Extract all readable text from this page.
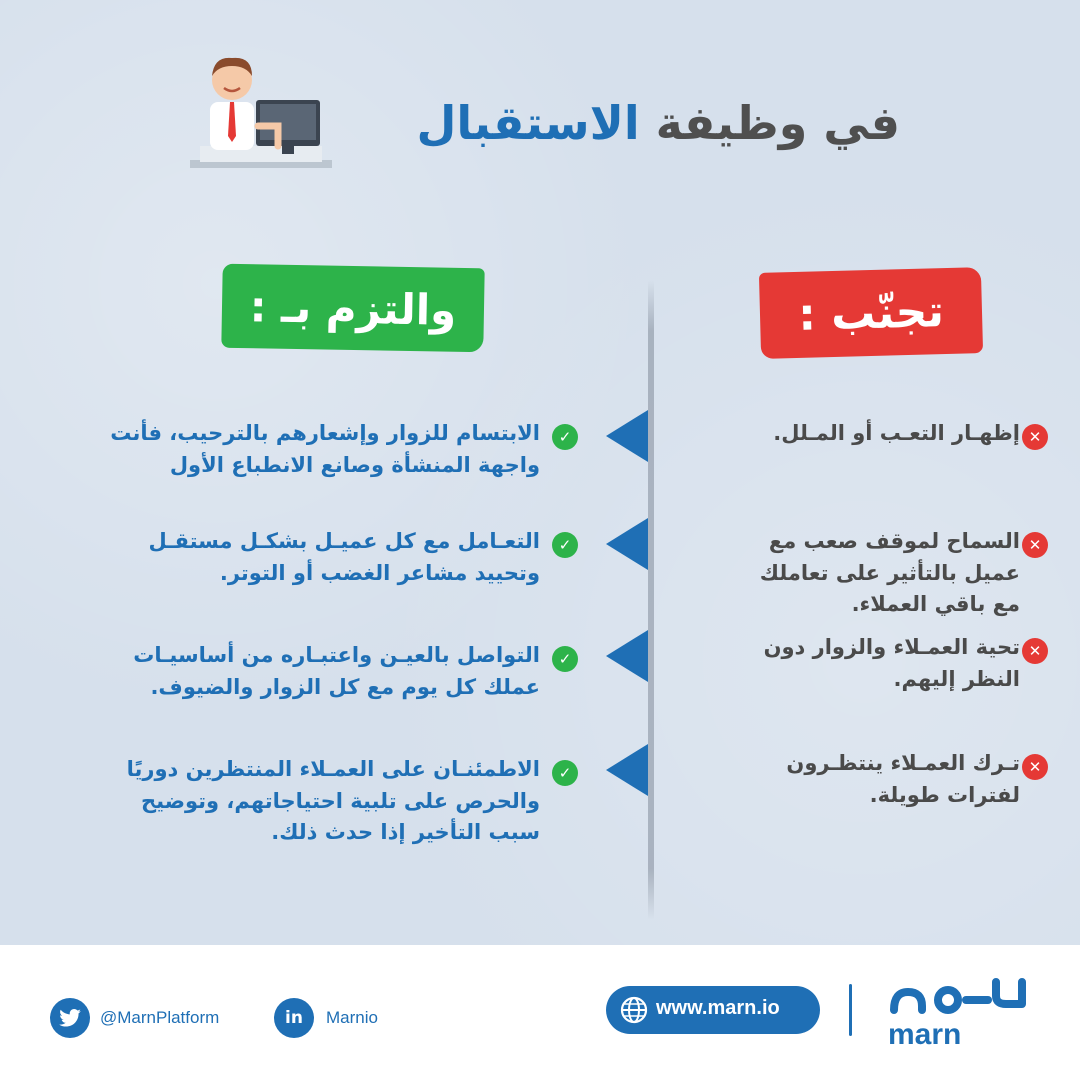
في وظيفة الاستقبال
تجنّب :
والتزم بـ :
✕
إظهـار التعـب أو المـلل.
✕
السماح لموقف صعب مع
عميل بالتأثير على تعاملك
مع باقي العملاء.
✕
تحية العمـلاء والزوار دون
النظر إليهم.
✕
تـرك العمـلاء ينتظـرون
لفترات طويلة.
✓
الابتسام للزوار وإشعارهم بالترحيب، فأنت
واجهة المنشأة وصانع الانطباع الأول
✓
التعـامل مع كل عميـل بشكـل مستقـل
وتحييد مشاعر الغضب أو التوتر.
✓
التواصل بالعيـن واعتبـاره من أساسيـات
عملك كل يوم مع كل الزوار والضيوف.
✓
الاطمئنـان على العمـلاء المنتظرين دوريًا
والحرص على تلبية احتياجاتهم، وتوضيح
سبب التأخير إذا حدث ذلك.
@MarnPlatform	in Marnio	www.marn.io
marn
